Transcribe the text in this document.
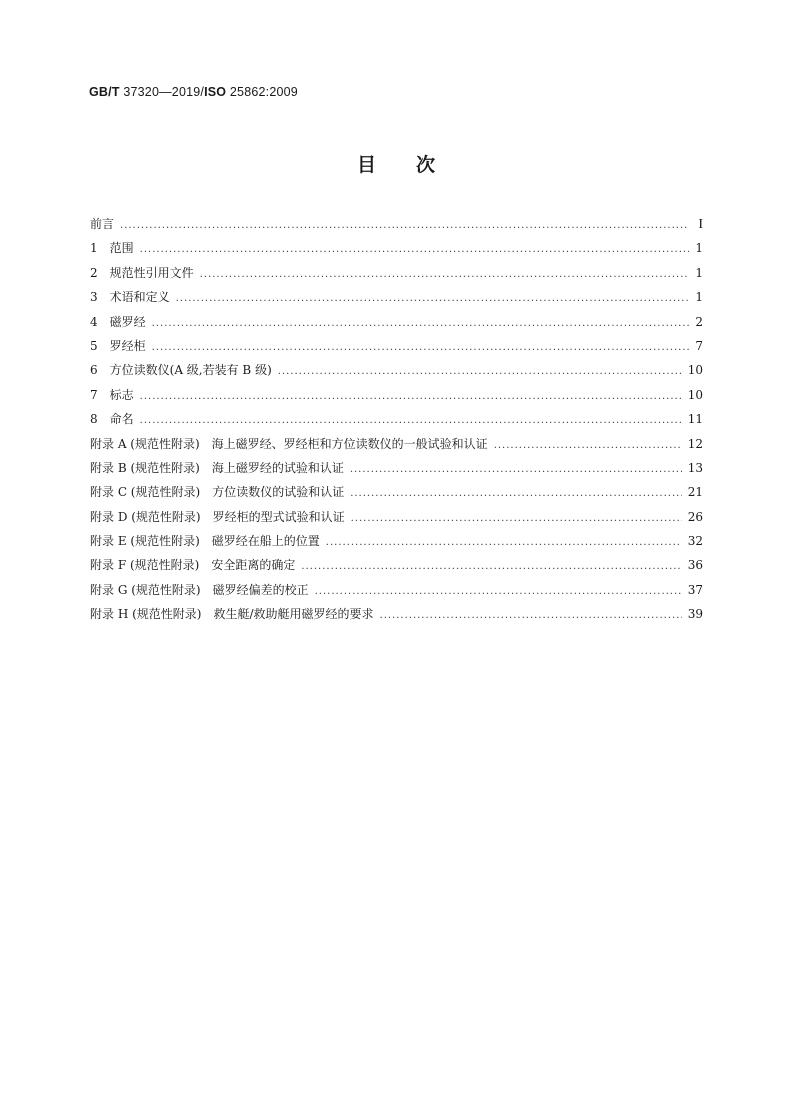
GB/T 37320—2019/ISO 25862:2009
目 次
前言 .....	I
1 范围 .....	1
2 规范性引用文件 .....	1
3 术语和定义 .....	1
4 磁罗经 .....	2
5 罗经柜 .....	7
6 方位读数仪(A 级,若装有 B 级) .....	10
7 标志 .....	10
8 命名 .....	11
附录 A (规范性附录) 海上磁罗经、罗经柜和方位读数仪的一般试验和认证 .....	12
附录 B (规范性附录) 海上磁罗经的试验和认证 .....	13
附录 C (规范性附录) 方位读数仪的试验和认证 .....	21
附录 D (规范性附录) 罗经柜的型式试验和认证 .....	26
附录 E (规范性附录) 磁罗经在船上的位置 .....	32
附录 F (规范性附录) 安全距离的确定 .....	36
附录 G (规范性附录) 磁罗经偏差的校正 .....	37
附录 H (规范性附录) 救生艇/救助艇用磁罗经的要求 .....	39
